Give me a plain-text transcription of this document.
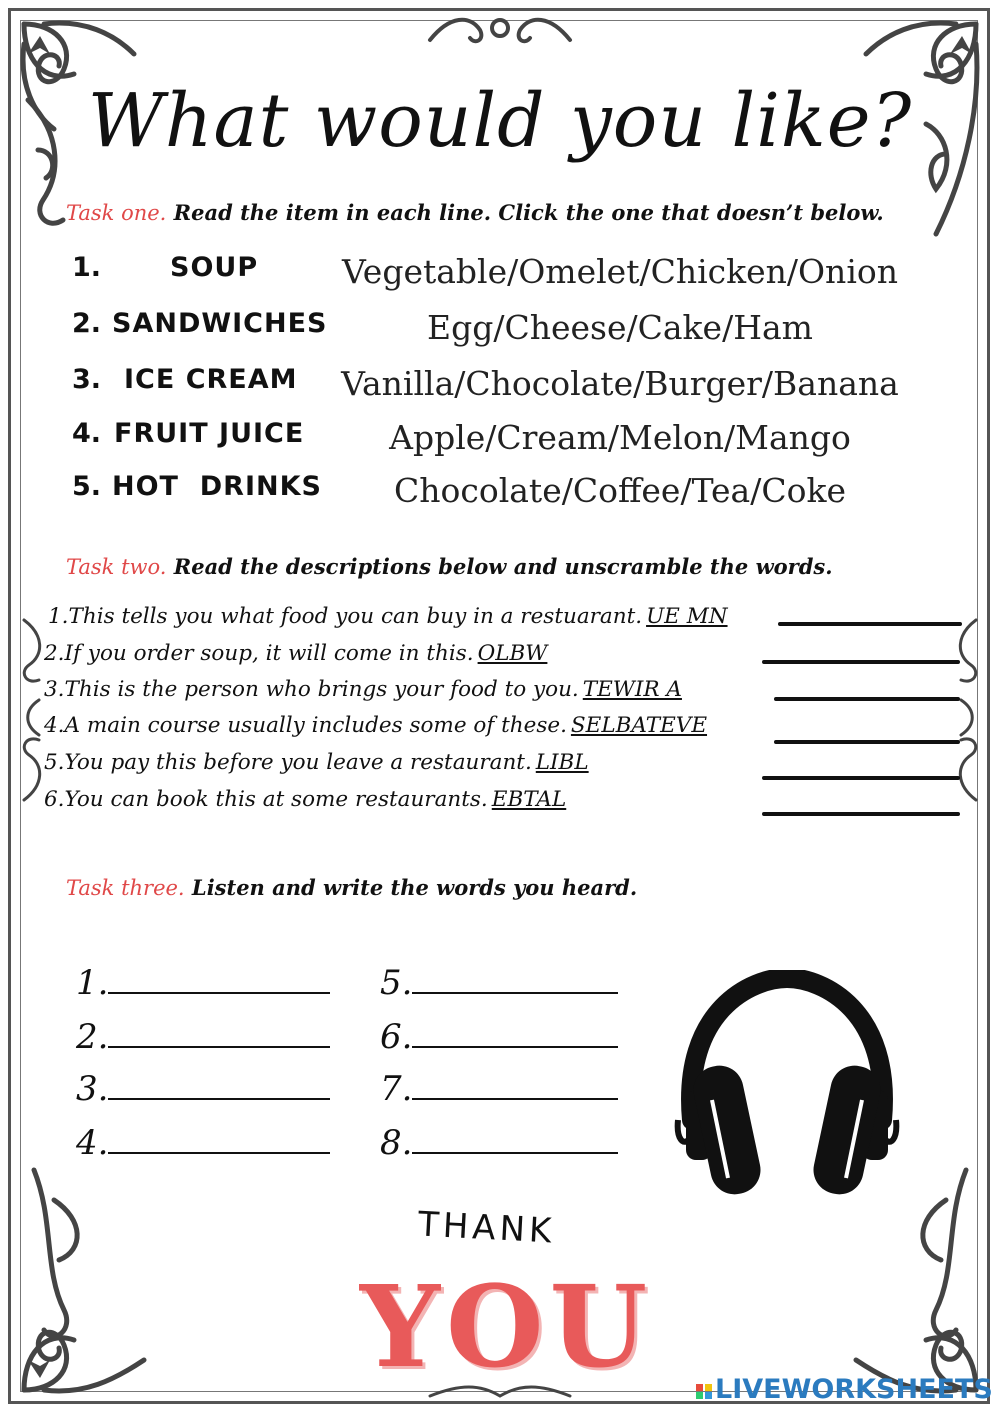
What would you like?
Task one. Read the item in each line. Click the one that doesn’t below.
1.	SOUP	Vegetable/Omelet/Chicken/Onion
2. SANDWICHES	Egg/Cheese/Cake/Ham
3. ICE CREAM	Vanilla/Chocolate/Burger/Banana
4. FRUIT JUICE	Apple/Cream/Melon/Mango
5. HOT  DRINKS	Chocolate/Coffee/Tea/Coke
Task two. Read the descriptions below and unscramble the words.
1.This tells you what food you can buy in a restuarant. UE MN
2.If you order soup, it will come in this. OLBW
3.This is the person who brings your food to you. TEWIR A
4.A main course usually includes some of these. SELBATEVE
5.You pay this before you leave a restaurant. LIBL
6.You can book this at some restaurants. EBTAL
Task three. Listen and write the words you heard.
1.
2.
3.
4.
5.
6.
7.
8.
THANK
YOU	LIVEWORKSHEETS
